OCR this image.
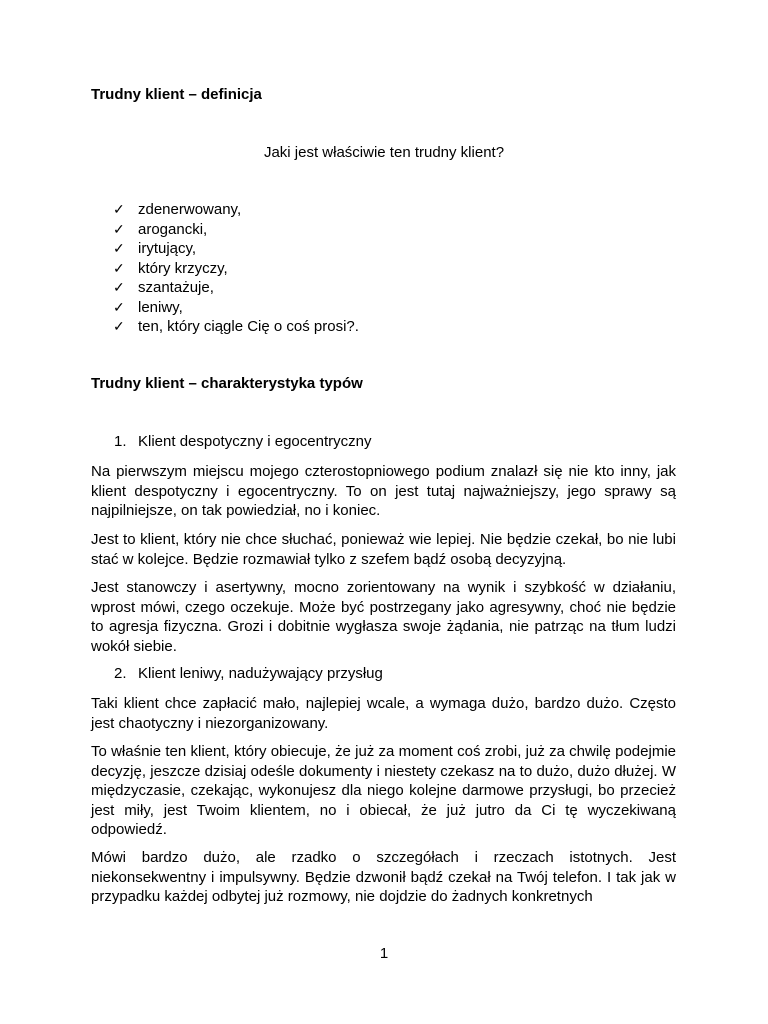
Trudny klient – definicja
Jaki jest właściwie ten trudny klient?
✓ zdenerwowany,
✓ arogancki,
✓ irytujący,
✓ który krzyczy,
✓ szantażuje,
✓ leniwy,
✓ ten, który ciągle Cię o coś prosi?.
Trudny klient – charakterystyka typów
1. Klient despotyczny i egocentryczny

Na pierwszym miejscu mojego czterostopniowego podium znalazł się nie kto inny, jak klient despotyczny i egocentryczny. To on jest tutaj najważniejszy, jego sprawy są najpilniejsze, on tak powiedział, no i koniec.

Jest to klient, który nie chce słuchać, ponieważ wie lepiej. Nie będzie czekał, bo nie lubi stać w kolejce. Będzie rozmawiał tylko z szefem bądź osobą decyzyjną.

Jest stanowczy i asertywny, mocno zorientowany na wynik i szybkość w działaniu, wprost mówi, czego oczekuje. Może być postrzegany jako agresywny, choć nie będzie to agresja fizyczna. Grozi i dobitnie wygłasza swoje żądania, nie patrząc na tłum ludzi wokół siebie.

2. Klient leniwy, nadużywający przysług

Taki klient chce zapłacić mało, najlepiej wcale, a wymaga dużo, bardzo dużo. Często jest chaotyczny i niezorganizowany.

To właśnie ten klient, który obiecuje, że już za moment coś zrobi, już za chwilę podejmie decyzję, jeszcze dzisiaj odeśle dokumenty i niestety czekasz na to dużo, dużo dłużej. W międzyczasie, czekając, wykonujesz dla niego kolejne darmowe przysługi, bo przecież jest miły, jest Twoim klientem, no i obiecał, że już jutro da Ci tę wyczekiwaną odpowiedź.

Mówi bardzo dużo, ale rzadko o szczegółach i rzeczach istotnych. Jest niekonsekwentny i impulsywny. Będzie dzwonił bądź czekał na Twój telefon. I tak jak w przypadku każdej odbytej już rozmowy, nie dojdzie do żadnych konkretnych

1
